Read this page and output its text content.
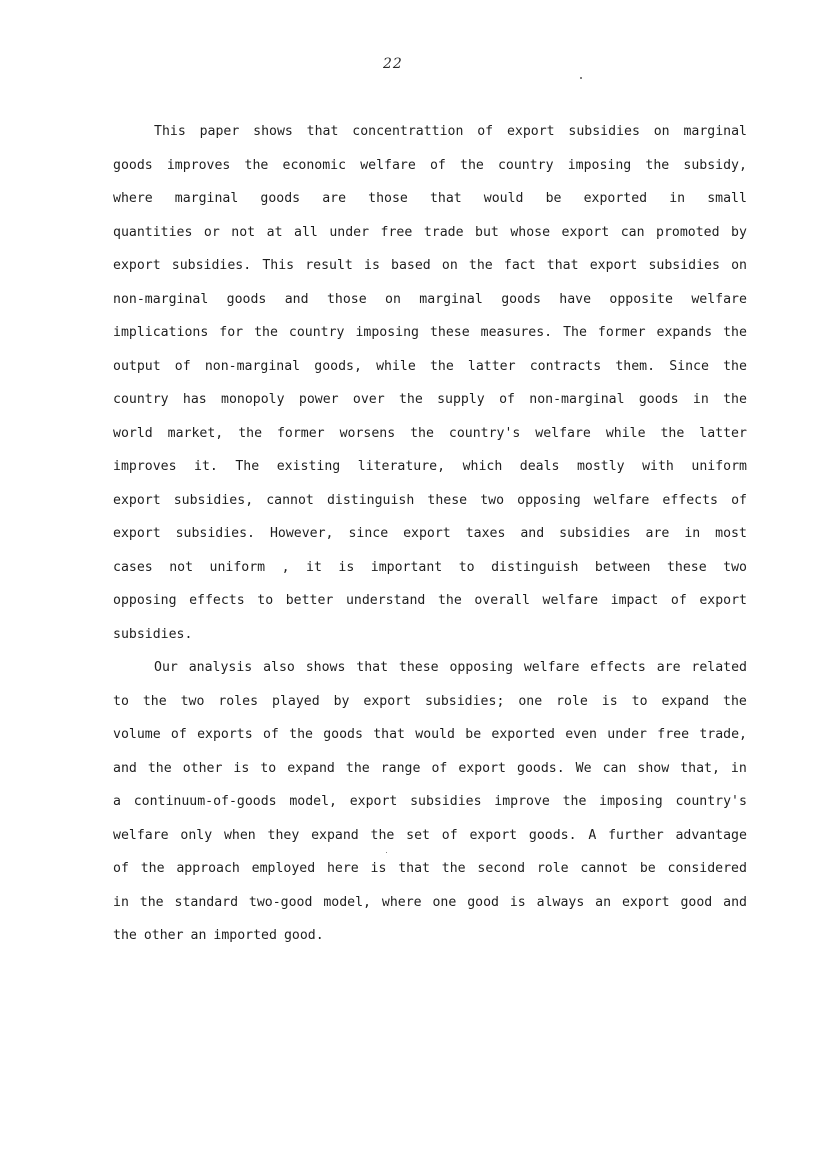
22
This paper shows that concentrattion of export subsidies on marginal
goods improves the economic welfare of the country imposing the subsidy,
where marginal goods are those that would be exported in small
quantities or not at all under free trade but whose export can promoted by
export subsidies. This result is based on the fact that export subsidies on
non-marginal goods and those on marginal goods have opposite welfare
implications for the country imposing these measures. The former expands the
output of non-marginal goods, while the latter contracts them. Since the
country has monopoly power over the supply of non-marginal goods in the
world market, the former worsens the country's welfare while the latter
improves it. The existing literature, which deals mostly with uniform
export subsidies, cannot distinguish these two opposing welfare effects of
export subsidies. However, since export taxes and subsidies are in most
cases not uniform , it is important to distinguish between these two
opposing effects to better understand the overall welfare impact of export
subsidies.
Our analysis also shows that these opposing welfare effects are related
to the two roles played by export subsidies; one role is to expand the
volume of exports of the goods that would be exported even under free trade,
and the other is to expand the range of export goods. We can show that, in
a continuum-of-goods model, export subsidies improve the imposing country's
welfare only when they expand the set of export goods. A further advantage
of the approach employed here is that the second role cannot be considered
in the standard two-good model, where one good is always an export good and
the other an imported good.
